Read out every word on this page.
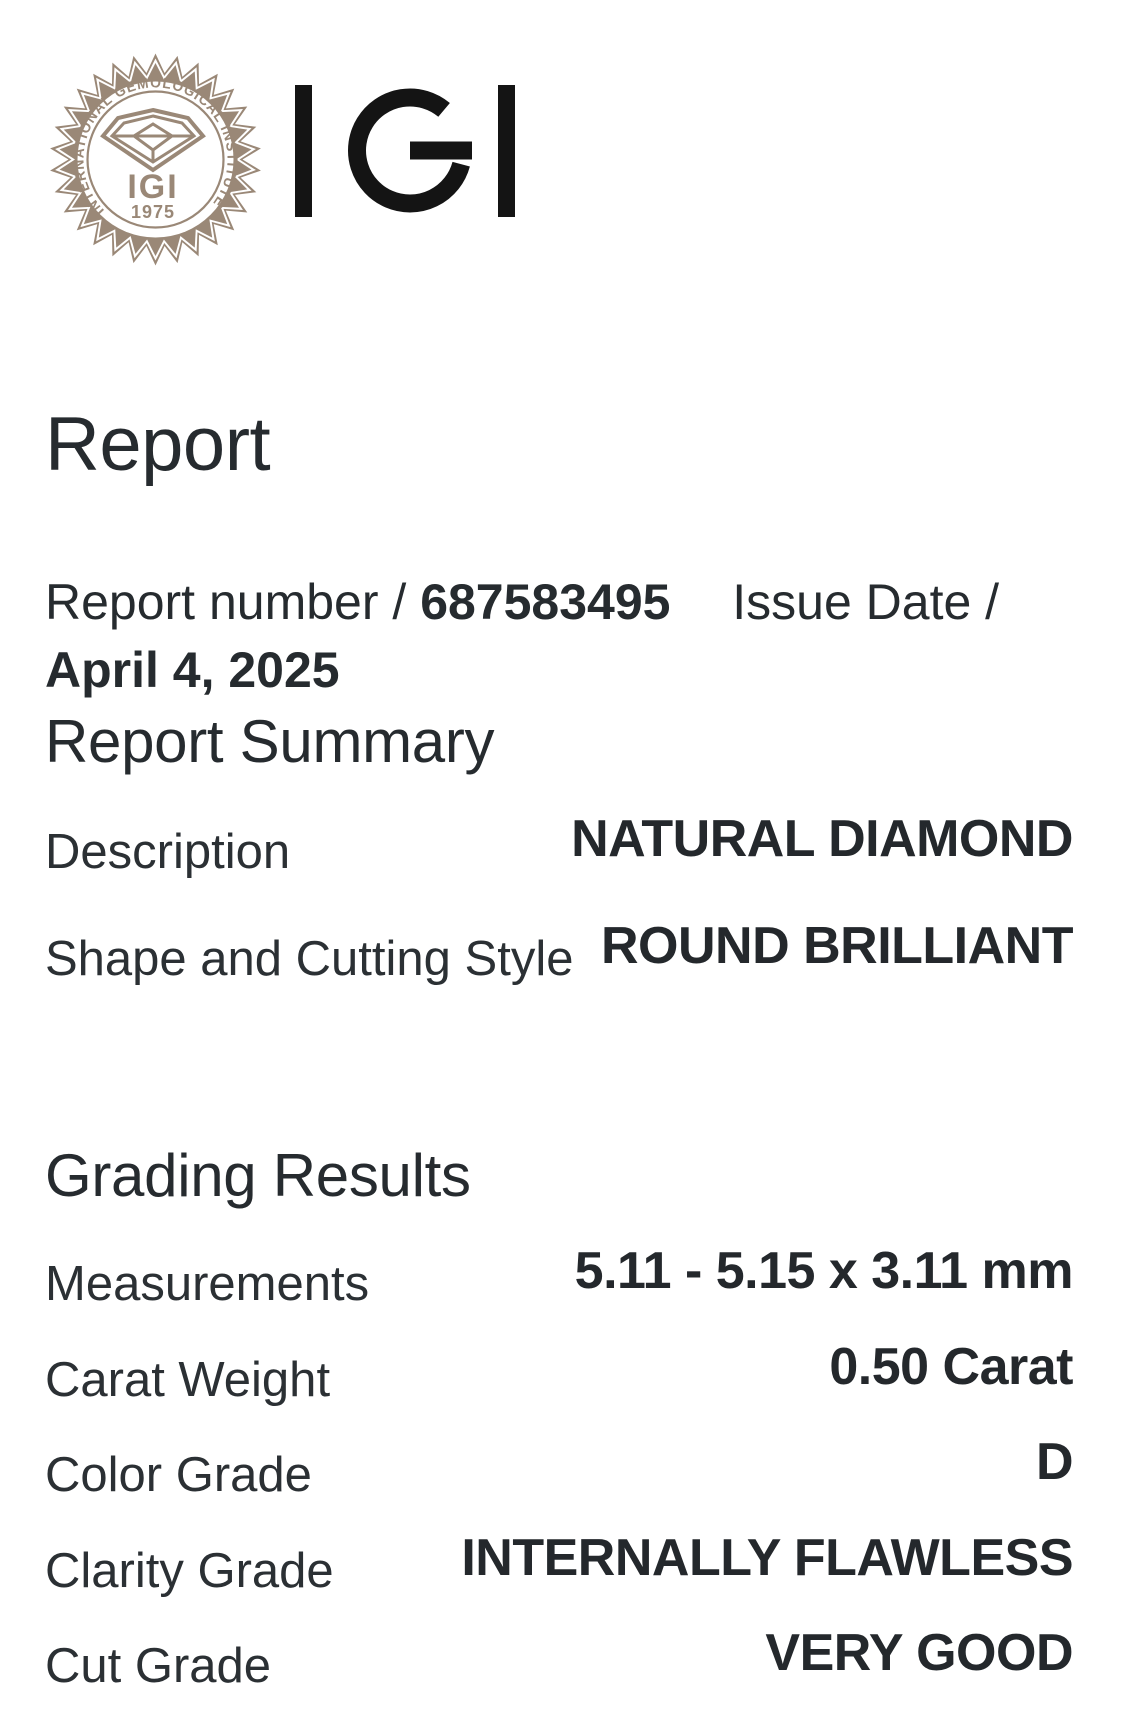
INTERNATIONAL GEMOLOGICAL INSTITUTE
IGI
1975
Report

Report number / 687583495 Issue Date / April 4, 2025

Report Summary
Description	NATURAL DIAMOND
Shape and Cutting Style ROUND BRILLIANT
Grading Results
Measurements	5.11 - 5.15 x 3.11 mm
Carat Weight	0.50 Carat
Color Grade	D
Clarity Grade INTERNALLY FLAWLESS
Cut Grade	VERY GOOD
